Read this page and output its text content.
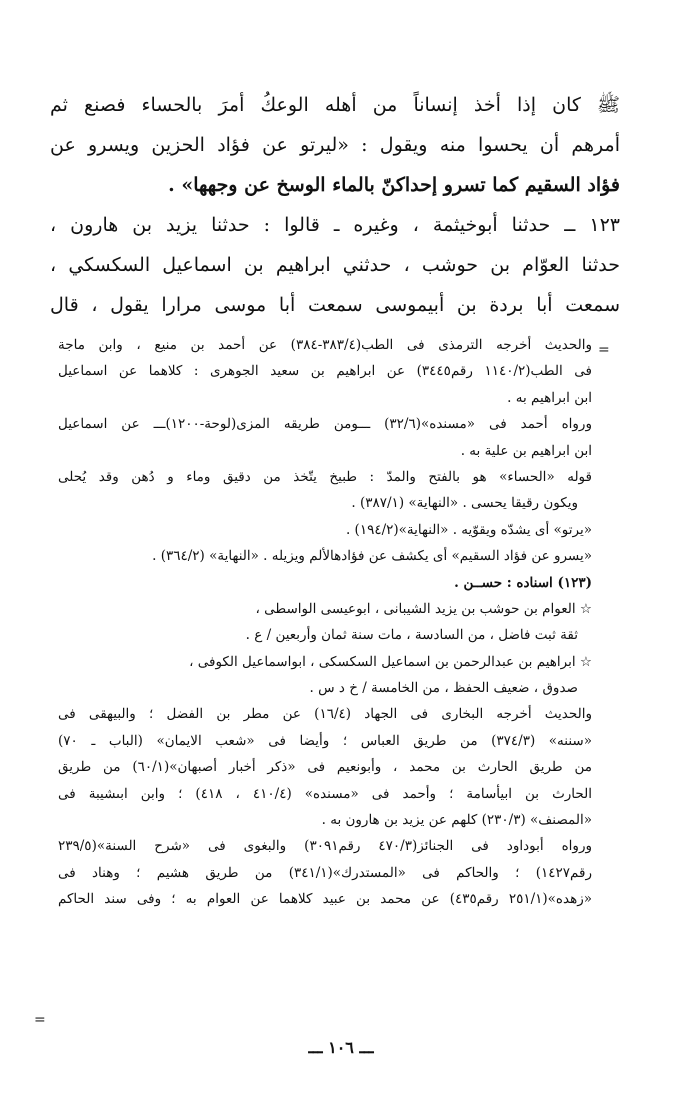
ﷺ كان إذا أخذ إنساناً من أهله الوعكُ أمرَ بالحساء فصنع ثم
أمرهم أن يحسوا منه ويقول : «ليرتو عن فؤاد الحزين ويسرو عن
فؤاد السقيم كما تسرو إحداكنّ بالماء الوسخ عن وجهها» .
١٢٣ ــ حدثنا أبوخيثمة ، وغيره ـ قالوا : حدثنا يزيد بن هارون ،
حدثنا العوّام بن حوشب ، حدثني ابراهيم بن اسماعيل السكسكي ،
سمعت أبا بردة بن أبيموسى سمعت أبا موسى مرارا يقول ، قال
والحديث أخرجه الترمذى فى الطب(٣٨٣/٤-٣٨٤) عن أحمد بن منيع ، وابن ماجة
فى الطب(١١٤٠/٢ رقم٣٤٤٥) عن ابراهيم بن سعيد الجوهرى : كلاهما عن اسماعيل
ابن ابراهيم به .
ورواه أحمد فى «مسنده»(٣٢/٦) ـــومن طريقه المزى(لوحة-١٢٠٠)ـــ عن اسماعيل
ابن ابراهيم بن علية به .
قوله «الحساء» هو بالفتح والمدّ : طبيخ يتّخذ من دقيق وماء و دُهن وقد يُحلى
ويكون رقيقا يحسى . «النهاية» (٣٨٧/١) .
«يرتو» أى يشدّه ويقوّيه . «النهاية»(١٩٤/٢) .
«يسرو عن فؤاد السقيم» أى يكشف عن فؤادهالألم ويزيله . «النهاية» (٣٦٤/٢) .
(١٢٣) اسناده : حســن .
☆ العوام بن حوشب بن يزيد الشيبانى ، ابوعيسى الواسطى ،
ثقة ثبت فاضل ، من السادسة ، مات سنة ثمان وأربعين / ع .
☆ ابراهيم بن عبدالرحمن بن اسماعيل السكسكى ، ابواسماعيل الكوفى ،
صدوق ، ضعيف الحفظ ، من الخامسة / خ د س .
والحديث أخرجه البخارى فى الجهاد (١٦/٤) عن مطر بن الفضل ؛ والبيهقى فى
«سننه» (٣٧٤/٣) من طريق العباس ؛ وأيضا فى «شعب الايمان» (الباب ـ ٧٠)
من طريق الحارث بن محمد ، وأبونعيم فى «ذكر أخبار أصبهان»(٦٠/١) من طريق
الحارث بن ابيأسامة ؛ وأحمد فى «مسنده» (٤١٠/٤ ، ٤١٨) ؛ وابن ابىشيبة فى
«المصنف» (٢٣٠/٣) كلهم عن يزيد بن هارون به .
ورواه أبوداود فى الجنائز(٤٧٠/٣ رقم٣٠٩١) والبغوى فى «شرح السنة»(٢٣٩/٥
رقم١٤٢٧) ؛ والحاكم فى «المستدرك»(٣٤١/١) من طريق هشيم ؛ وهناد فى
«زهده»(٢٥١/١ رقم٤٣٥) عن محمد بن عبيد كلاهما عن العوام به ؛ وفى سند الحاكم
=
=
ـــ ١٠٦ ـــ
